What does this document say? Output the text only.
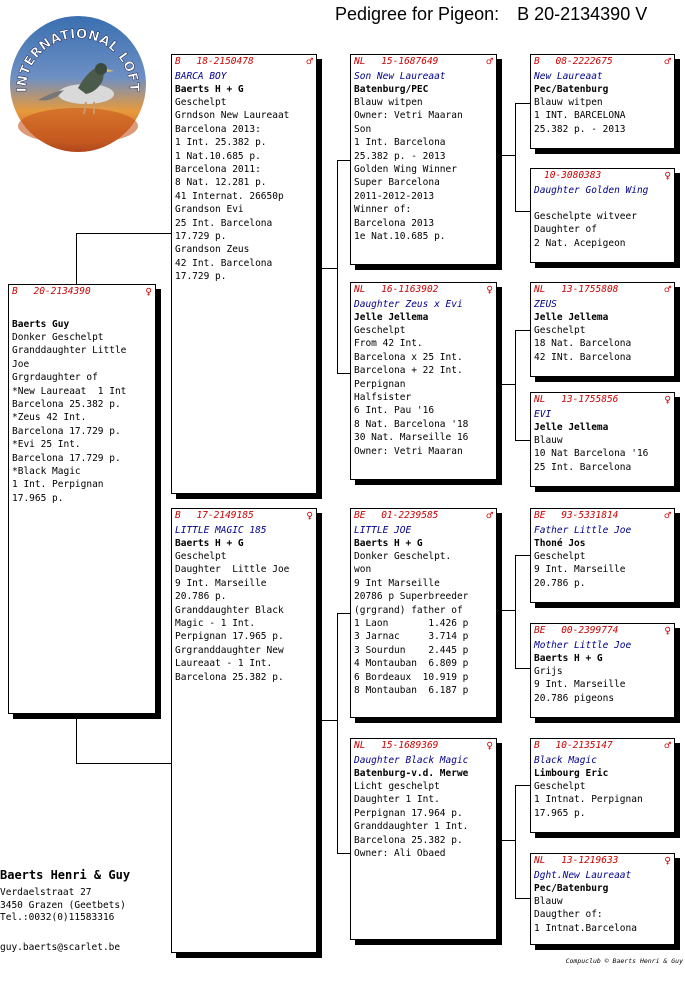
Pedigree for Pigeon: B 20-2134390 V
INTERNATIONAL LOFT
B 20-2134390	♀
Baerts Guy
Donker Geschelpt
Granddaughter Little
Joe
Grgrdaughter of
*New Laureaat  1 Int
Barcelona 25.382 p.
*Zeus 42 Int.
Barcelona 17.729 p.
*Evi 25 Int.
Barcelona 17.729 p.
*Black Magic
1 Int. Perpignan
17.965 p.
B 18-2150478	♂
BARCA BOY
Baerts H + G
Geschelpt
Grndson New Laureaat
Barcelona 2013:
1 Int. 25.382 p.
1 Nat.10.685 p.
Barcelona 2011:
8 Nat. 12.281 p.
41 Internat. 26650p
Grandson Evi
25 Int. Barcelona
17.729 p.
Grandson Zeus
42 Int. Barcelona
17.729 p.
B 17-2149185	♀
LITTLE MAGIC 185
Baerts H + G
Geschelpt
Daughter  Little Joe
9 Int. Marseille
20.786 p.
Granddaughter Black
Magic - 1 Int.
Perpignan 17.965 p.
Grgranddaughter New
Laureaat - 1 Int.
Barcelona 25.382 p.
NL 15-1687649	♂
Son New Laureaat
Batenburg/PEC
Blauw witpen
Owner: Vetri Maaran
Son
1 Int. Barcelona
25.382 p. - 2013
Golden Wing Winner
Super Barcelona
2011-2012-2013
Winner of:
Barcelona 2013
1e Nat.10.685 p.
NL 16-1163902	♀
Daughter Zeus x Evi
Jelle Jellema
Geschelpt
From 42 Int.
Barcelona x 25 Int.
Barcelona + 22 Int.
Perpignan
Halfsister
6 Int. Pau '16
8 Nat. Barcelona '18
30 Nat. Marseille 16
Owner: Vetri Maaran
BE 01-2239585	♂
LITTLE JOE
Baerts H + G
Donker Geschelpt.
won
9 Int Marseille
20786 p Superbreeder
(grgrand) father of
1 Laon       1.426 p
3 Jarnac     3.714 p
3 Sourdun    2.445 p
4 Montauban  6.809 p
6 Bordeaux  10.919 p
8 Montauban  6.187 p
NL 15-1689369	♀
Daughter Black Magic
Batenburg-v.d. Merwe
Licht geschelpt
Daughter 1 Int.
Perpignan 17.964 p.
Granddaughter 1 Int.
Barcelona 25.382 p.
Owner: Ali Obaed
B 08-2222675	♂
New Laureaat
Pec/Batenburg
Blauw witpen
1 INT. BARCELONA
25.382 p. - 2013
10-3080383	♀
Daughter Golden Wing
Geschelpte witveer
Daughter of
2 Nat. Acepigeon
NL 13-1755808	♂
ZEUS
Jelle Jellema
Geschelpt
18 Nat. Barcelona
42 INt. Barcelona
NL 13-1755856	♀
EVI
Jelle Jellema
Blauw
10 Nat Barcelona '16
25 Int. Barcelona
BE 93-5331814	♂
Father Little Joe
Thoné Jos
Geschelpt
9 Int. Marseille
20.786 p.
BE 00-2399774	♀
Mother Little Joe
Baerts H + G
Grijs
9 Int. Marseille
20.786 pigeons
B 10-2135147	♂
Black Magic
Limbourg Eric
Geschelpt
1 Intnat. Perpignan
17.965 p.
NL 13-1219633	♀
Dght.New Laureaat
Pec/Batenburg
Blauw
Daugther of:
1 Intnat.Barcelona
Baerts Henri & Guy
Verdaelstraat 27
3450 Grazen (Geetbets)
Tel.:0032(0)11583316
guy.baerts@scarlet.be
Compuclub © Baerts Henri & Guy
